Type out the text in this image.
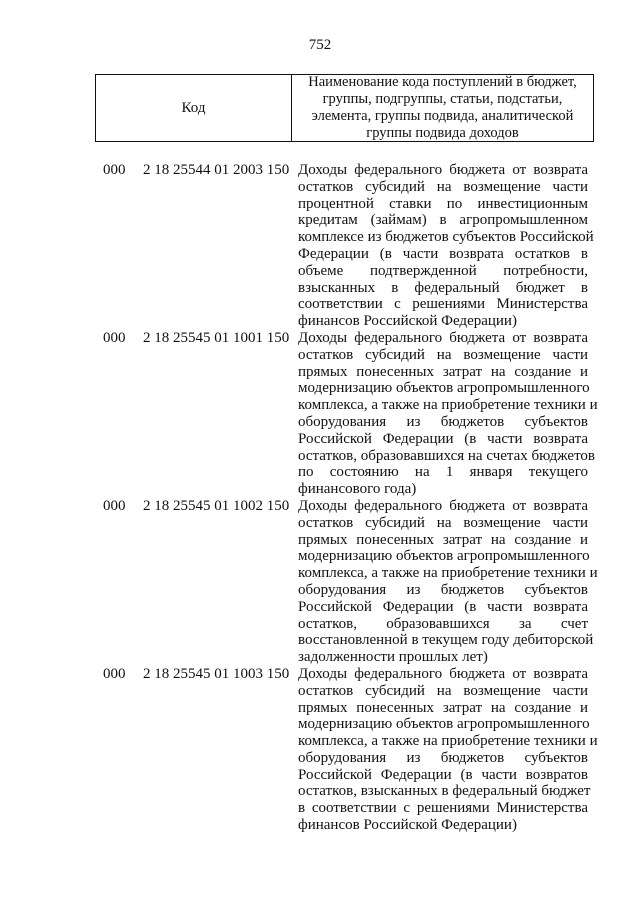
752
Код
Наименование кода поступлений в бюджет, группы, подгруппы, статьи, подстатьи, элемента, группы подвида, аналитической группы подвида доходов
000 2 18 25544 01 2003 150 Доходы федерального бюджета от возврата
остатков субсидий на возмещение части
процентной ставки по инвестиционным
кредитам (займам) в агропромышленном
комплексе из бюджетов субъектов Российской
Федерации (в части возврата остатков в
объеме подтвержденной потребности,
взысканных в федеральный бюджет в
соответствии с решениями Министерства
финансов Российской Федерации)
000 2 18 25545 01 1001 150 Доходы федерального бюджета от возврата
остатков субсидий на возмещение части
прямых понесенных затрат на создание и
модернизацию объектов агропромышленного
комплекса, а также на приобретение техники и
оборудования из бюджетов субъектов
Российской Федерации (в части возврата
остатков, образовавшихся на счетах бюджетов
по состоянию на 1 января текущего
финансового года)
000 2 18 25545 01 1002 150 Доходы федерального бюджета от возврата
остатков субсидий на возмещение части
прямых понесенных затрат на создание и
модернизацию объектов агропромышленного
комплекса, а также на приобретение техники и
оборудования из бюджетов субъектов
Российской Федерации (в части возврата
остатков, образовавшихся за счет
восстановленной в текущем году дебиторской
задолженности прошлых лет)
000 2 18 25545 01 1003 150 Доходы федерального бюджета от возврата
остатков субсидий на возмещение части
прямых понесенных затрат на создание и
модернизацию объектов агропромышленного
комплекса, а также на приобретение техники и
оборудования из бюджетов субъектов
Российской Федерации (в части возвратов
остатков, взысканных в федеральный бюджет
в соответствии с решениями Министерства
финансов Российской Федерации)
